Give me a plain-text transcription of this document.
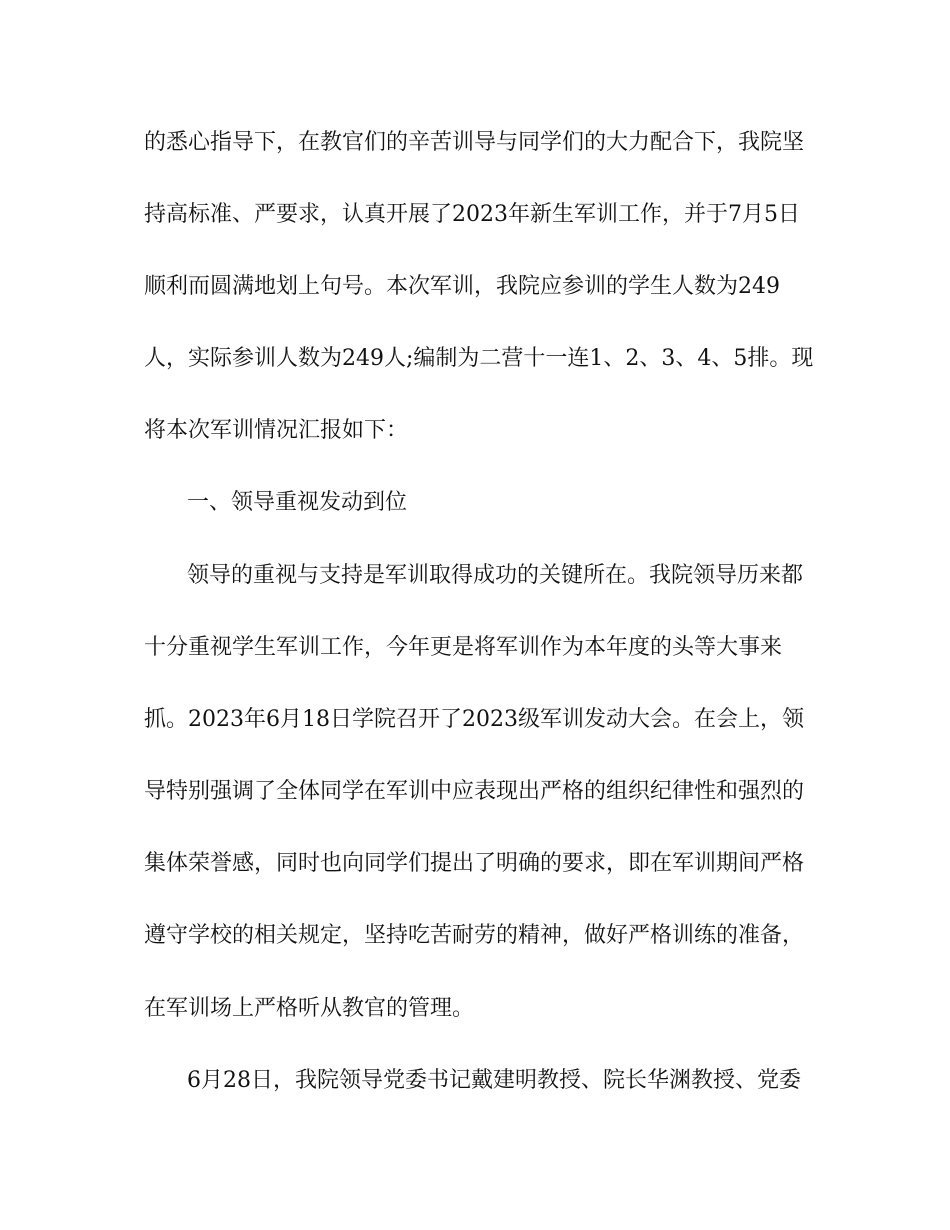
的悉心指导下，在教官们的辛苦训导与同学们的大力配合下，我院坚
持高标准、严要求，认真开展了2023年新生军训工作，并于7月5日
顺利而圆满地划上句号。本次军训，我院应参训的学生人数为249
人，实际参训人数为249人;编制为二营十一连1、2、3、4、5排。现
将本次军训情况汇报如下：
一、领导重视发动到位
领导的重视与支持是军训取得成功的关键所在。我院领导历来都
十分重视学生军训工作，今年更是将军训作为本年度的头等大事来
抓。2023年6月18日学院召开了2023级军训发动大会。在会上，领
导特别强调了全体同学在军训中应表现出严格的组织纪律性和强烈的
集体荣誉感，同时也向同学们提出了明确的要求，即在军训期间严格
遵守学校的相关规定，坚持吃苦耐劳的精神，做好严格训练的准备，
在军训场上严格听从教官的管理。
6月28日，我院领导党委书记戴建明教授、院长华渊教授、党委
